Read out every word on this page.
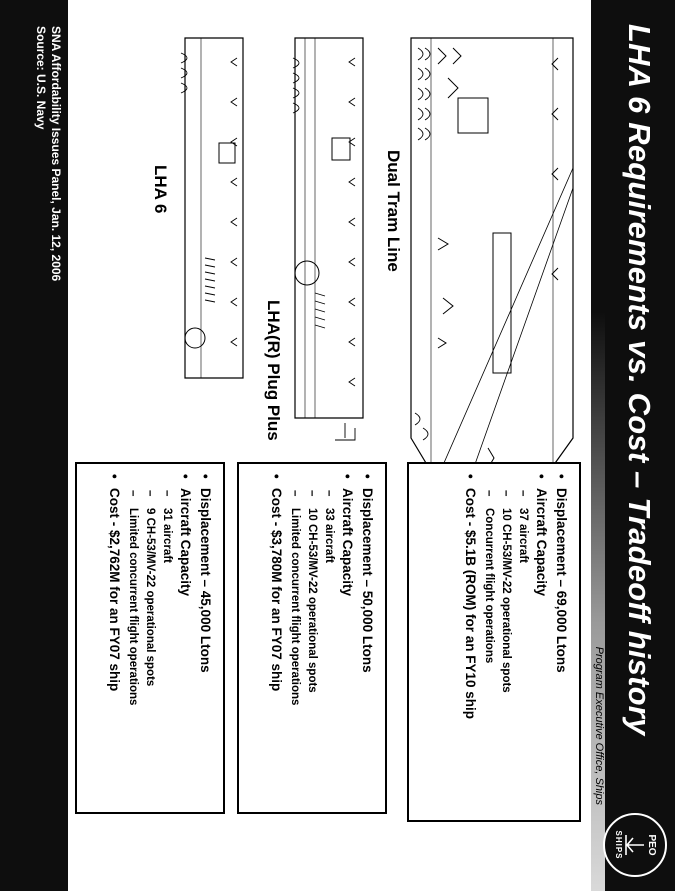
LHA 6 Requirements vs. Cost – Tradeoff history
Program Executive Office, Ships
PEO
SHIPS
Dual Tram Line
LHA(R) Plug Plus
LHA 6
• Displacement – 69,000 Ltons
• Aircraft Capacity
– 37 aircraft
– 10 CH-53/MV-22 operational spots
– Concurrent flight operations
• Cost - $5.1B (ROM) for an FY10 ship
• Displacement – 50,000 Ltons
• Aircraft Capacity
– 33 aircraft
– 10 CH-53/MV-22 operational spots
– Limited concurrent flight operations
• Cost - $3,780M for an FY07 ship
• Displacement – 45,000 Ltons
• Aircraft Capacity
– 31 aircraft
– 9 CH-53/MV-22 operational spots
– Limited concurrent flight operations
• Cost - $2,762M for an FY07 ship
SNA Affordability Issues Panel, Jan. 12, 2006
Source: U.S. Navy
